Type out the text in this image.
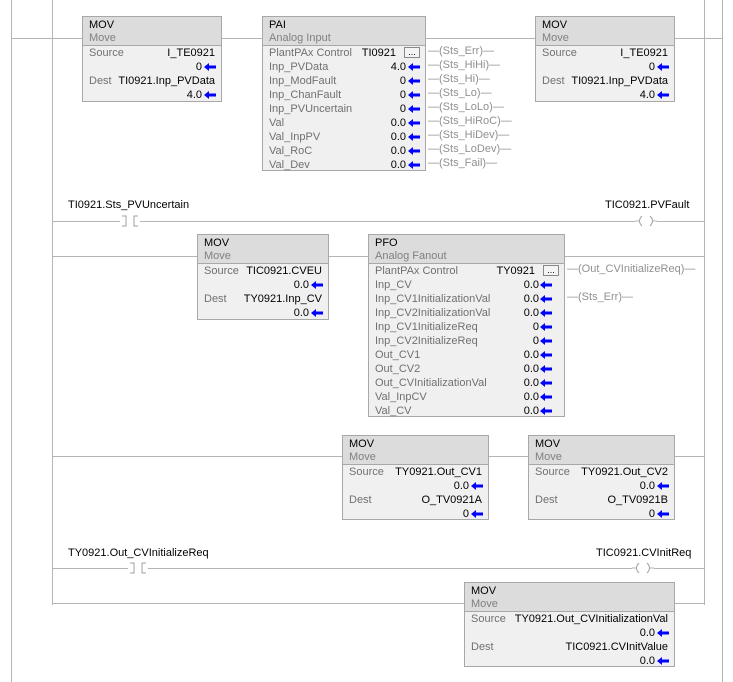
MOV
Move
Source	I_TE0921
0
Dest TI0921.Inp_PVData
4.0
PAI
Analog Input
PlantPAx Control TI0921	...
Inp_PVData	4.0
Inp_ModFault	0
Inp_ChanFault	0
Inp_PVUncertain	0
Val	0.0
Val_InpPV	0.0
Val_RoC	0.0
Val_Dev	0.0
—(Sts_Err)—
—(Sts_HiHi)—
—(Sts_Hi)—
—(Sts_Lo)—
—(Sts_LoLo)—
—(Sts_HiRoC)—
—(Sts_HiDev)—
—(Sts_LoDev)—
—(Sts_Fail)—
MOV
Move
Source	I_TE0921
0
Dest TI0921.Inp_PVData
4.0
TI0921.Sts_PVUncertain	TIC0921.PVFault
MOV
Move
Source TIC0921.CVEU
0.0
Dest TY0921.Inp_CV
0.0
PFO
Analog Fanout
PlantPAx Control	TY0921	...
Inp_CV	0.0
Inp_CV1InitializationVal	0.0
Inp_CV2InitializationVal	0.0
Inp_CV1InitializeReq	0
Inp_CV2InitializeReq	0
Out_CV1	0.0
Out_CV2	0.0
Out_CVInitializationVal	0.0
Val_InpCV	0.0
Val_CV	0.0
—(Out_CVInitializeReq)—
—(Sts_Err)—
MOV
Move
Source TY0921.Out_CV1
0.0
Dest	O_TV0921A
0
MOV
Move
Source TY0921.Out_CV2
0.0
Dest	O_TV0921B
0
TY0921.Out_CVInitializeReq	TIC0921.CVInitReq
MOV
Move
Source TY0921.Out_CVInitializationVal
0.0
Dest	TIC0921.CVInitValue
0.0
